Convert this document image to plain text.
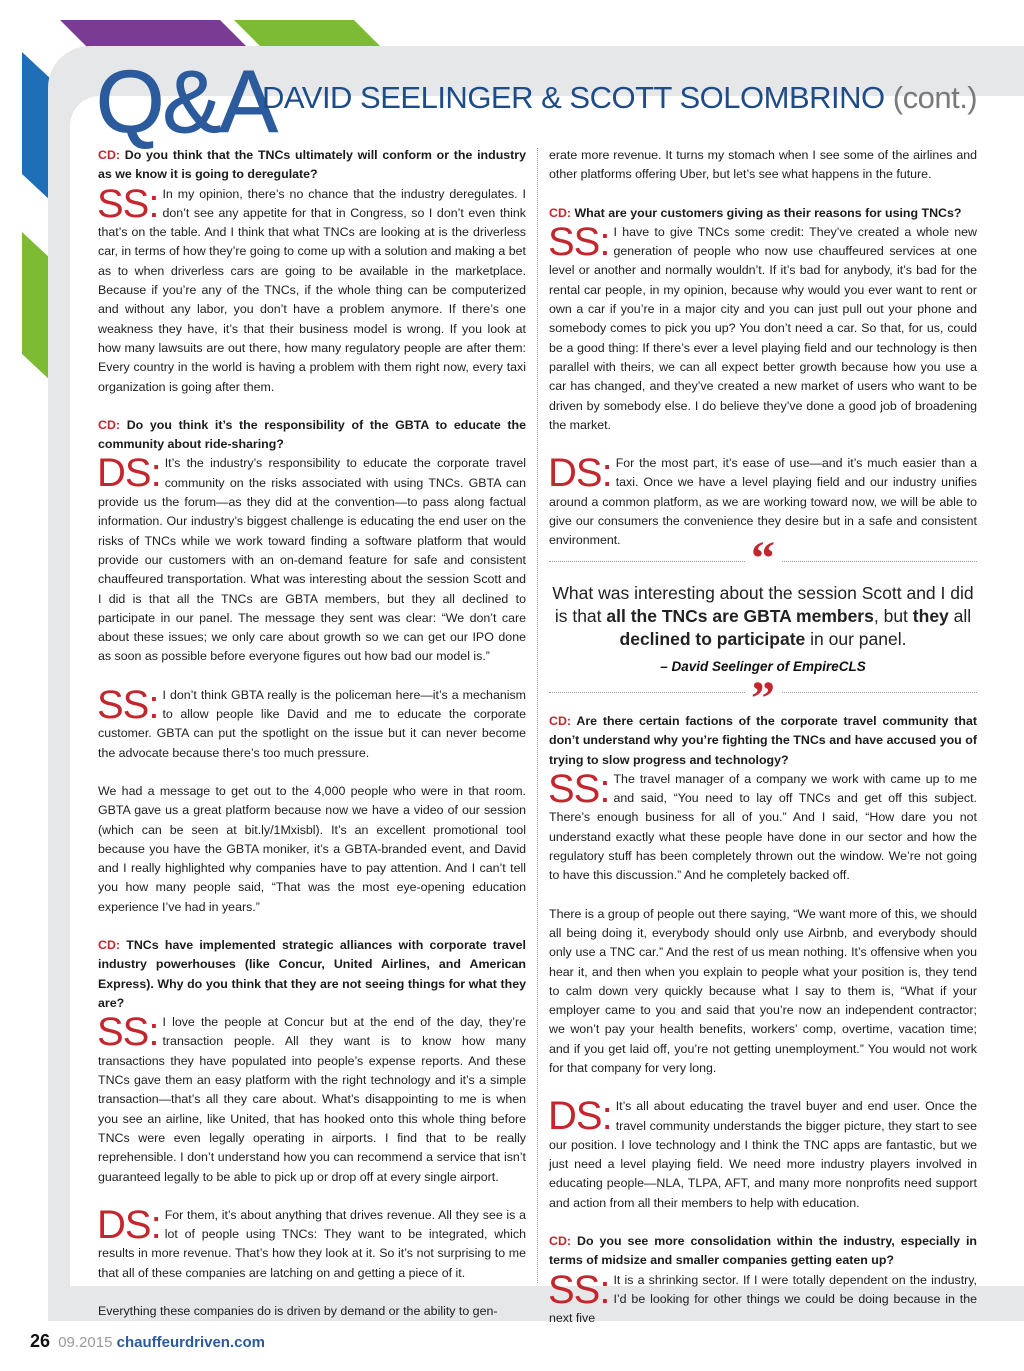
Q&A
DAVID SEELINGER & SCOTT SOLOMBRINO (cont.)

CD: Do you think that the TNCs ultimately will conform or the industry as we know it is going to deregulate?

SS: In my opinion, there’s no chance that the industry deregulates. I don’t see any appetite for that in Congress, so I don’t even think that’s on the table. And I think that what TNCs are looking at is the driverless car, in terms of how they’re going to come up with a solution and making a bet as to when driverless cars are going to be available in the marketplace. Because if you’re any of the TNCs, if the whole thing can be computerized and without any labor, you don’t have a problem anymore. If there’s one weakness they have, it’s that their business model is wrong. If you look at how many lawsuits are out there, how many regulatory people are after them: Every country in the world is having a problem with them right now, every taxi organization is going after them.

CD: Do you think it’s the responsibility of the GBTA to educate the community about ride-sharing?

DS: It’s the industry’s responsibility to educate the corporate travel community on the risks associated with using TNCs. GBTA can provide us the forum—as they did at the convention—to pass along factual information. Our industry’s biggest challenge is educating the end user on the risks of TNCs while we work toward finding a software platform that would provide our customers with an on-demand feature for safe and consistent chauffeured transportation. What was interesting about the session Scott and I did is that all the TNCs are GBTA members, but they all declined to participate in our panel. The message they sent was clear: “We don’t care about these issues; we only care about growth so we can get our IPO done as soon as possible before everyone figures out how bad our model is.”

SS: I don’t think GBTA really is the policeman here—it’s a mechanism to allow people like David and me to educate the corporate customer. GBTA can put the spotlight on the issue but it can never become the advocate because there’s too much pressure.

We had a message to get out to the 4,000 people who were in that room. GBTA gave us a great platform because now we have a video of our session (which can be seen at bit.ly/1Mxisbl). It’s an excellent promotional tool because you have the GBTA moniker, it’s a GBTA-branded event, and David and I really highlighted why companies have to pay attention. And I can’t tell you how many people said, “That was the most eye-opening education experience I’ve had in years.”

CD: TNCs have implemented strategic alliances with corporate travel industry powerhouses (like Concur, United Airlines, and American Express). Why do you think that they are not seeing things for what they are?

SS: I love the people at Concur but at the end of the day, they’re transaction people. All they want is to know how many transactions they have populated into people’s expense reports. And these TNCs gave them an easy platform with the right technology and it’s a simple transaction—that’s all they care about. What’s disappointing to me is when you see an airline, like United, that has hooked onto this whole thing before TNCs were even legally operating in airports. I find that to be really reprehensible. I don’t understand how you can recommend a service that isn’t guaranteed legally to be able to pick up or drop off at every single airport.

DS: For them, it’s about anything that drives revenue. All they see is a lot of people using TNCs: They want to be integrated, which results in more revenue. That’s how they look at it. So it’s not surprising to me that all of these companies are latching on and getting a piece of it.

Everything these companies do is driven by demand or the ability to gen-

erate more revenue. It turns my stomach when I see some of the airlines and other platforms offering Uber, but let’s see what happens in the future.

CD: What are your customers giving as their reasons for using TNCs?

SS: I have to give TNCs some credit: They’ve created a whole new generation of people who now use chauffeured services at one level or another and normally wouldn’t. If it’s bad for anybody, it’s bad for the rental car people, in my opinion, because why would you ever want to rent or own a car if you’re in a major city and you can just pull out your phone and somebody comes to pick you up? You don’t need a car. So that, for us, could be a good thing: If there’s ever a level playing field and our technology is then parallel with theirs, we can all expect better growth because how you use a car has changed, and they’ve created a new market of users who want to be driven by somebody else. I do believe they’ve done a good job of broadening the market.

DS: For the most part, it’s ease of use—and it’s much easier than a taxi. Once we have a level playing field and our industry unifies around a common platform, as we are working toward now, we will be able to give our consumers the convenience they desire but in a safe and consistent environment.	“
What was interesting about the session Scott and I did is that all the TNCs are GBTA members, but they all declined to participate in our panel.
– David Seelinger of EmpireCLS
”

CD: Are there certain factions of the corporate travel community that don’t understand why you’re fighting the TNCs and have accused you of trying to slow progress and technology?

SS: The travel manager of a company we work with came up to me and said, “You need to lay off TNCs and get off this subject. There’s enough business for all of you.” And I said, “How dare you not understand exactly what these people have done in our sector and how the regulatory stuff has been completely thrown out the window. We’re not going to have this discussion.” And he completely backed off.

There is a group of people out there saying, “We want more of this, we should all being doing it, everybody should only use Airbnb, and everybody should only use a TNC car.” And the rest of us mean nothing. It’s offensive when you hear it, and then when you explain to people what your position is, they tend to calm down very quickly because what I say to them is, “What if your employer came to you and said that you’re now an independent contractor; we won’t pay your health benefits, workers’ comp, overtime, vacation time; and if you get laid off, you’re not getting unemployment.” You would not work for that company for very long.

DS: It’s all about educating the travel buyer and end user. Once the travel community understands the bigger picture, they start to see our position. I love technology and I think the TNC apps are fantastic, but we just need a level playing field. We need more industry players involved in educating people—NLA, TLPA, AFT, and many more nonprofits need support and action from all their members to help with education.

CD: Do you see more consolidation within the industry, especially in terms of midsize and smaller companies getting eaten up?

SS: It is a shrinking sector. If I were totally dependent on the industry, I’d be looking for other things we could be doing because in the next five

26 09.2015 chauffeurdriven.com
